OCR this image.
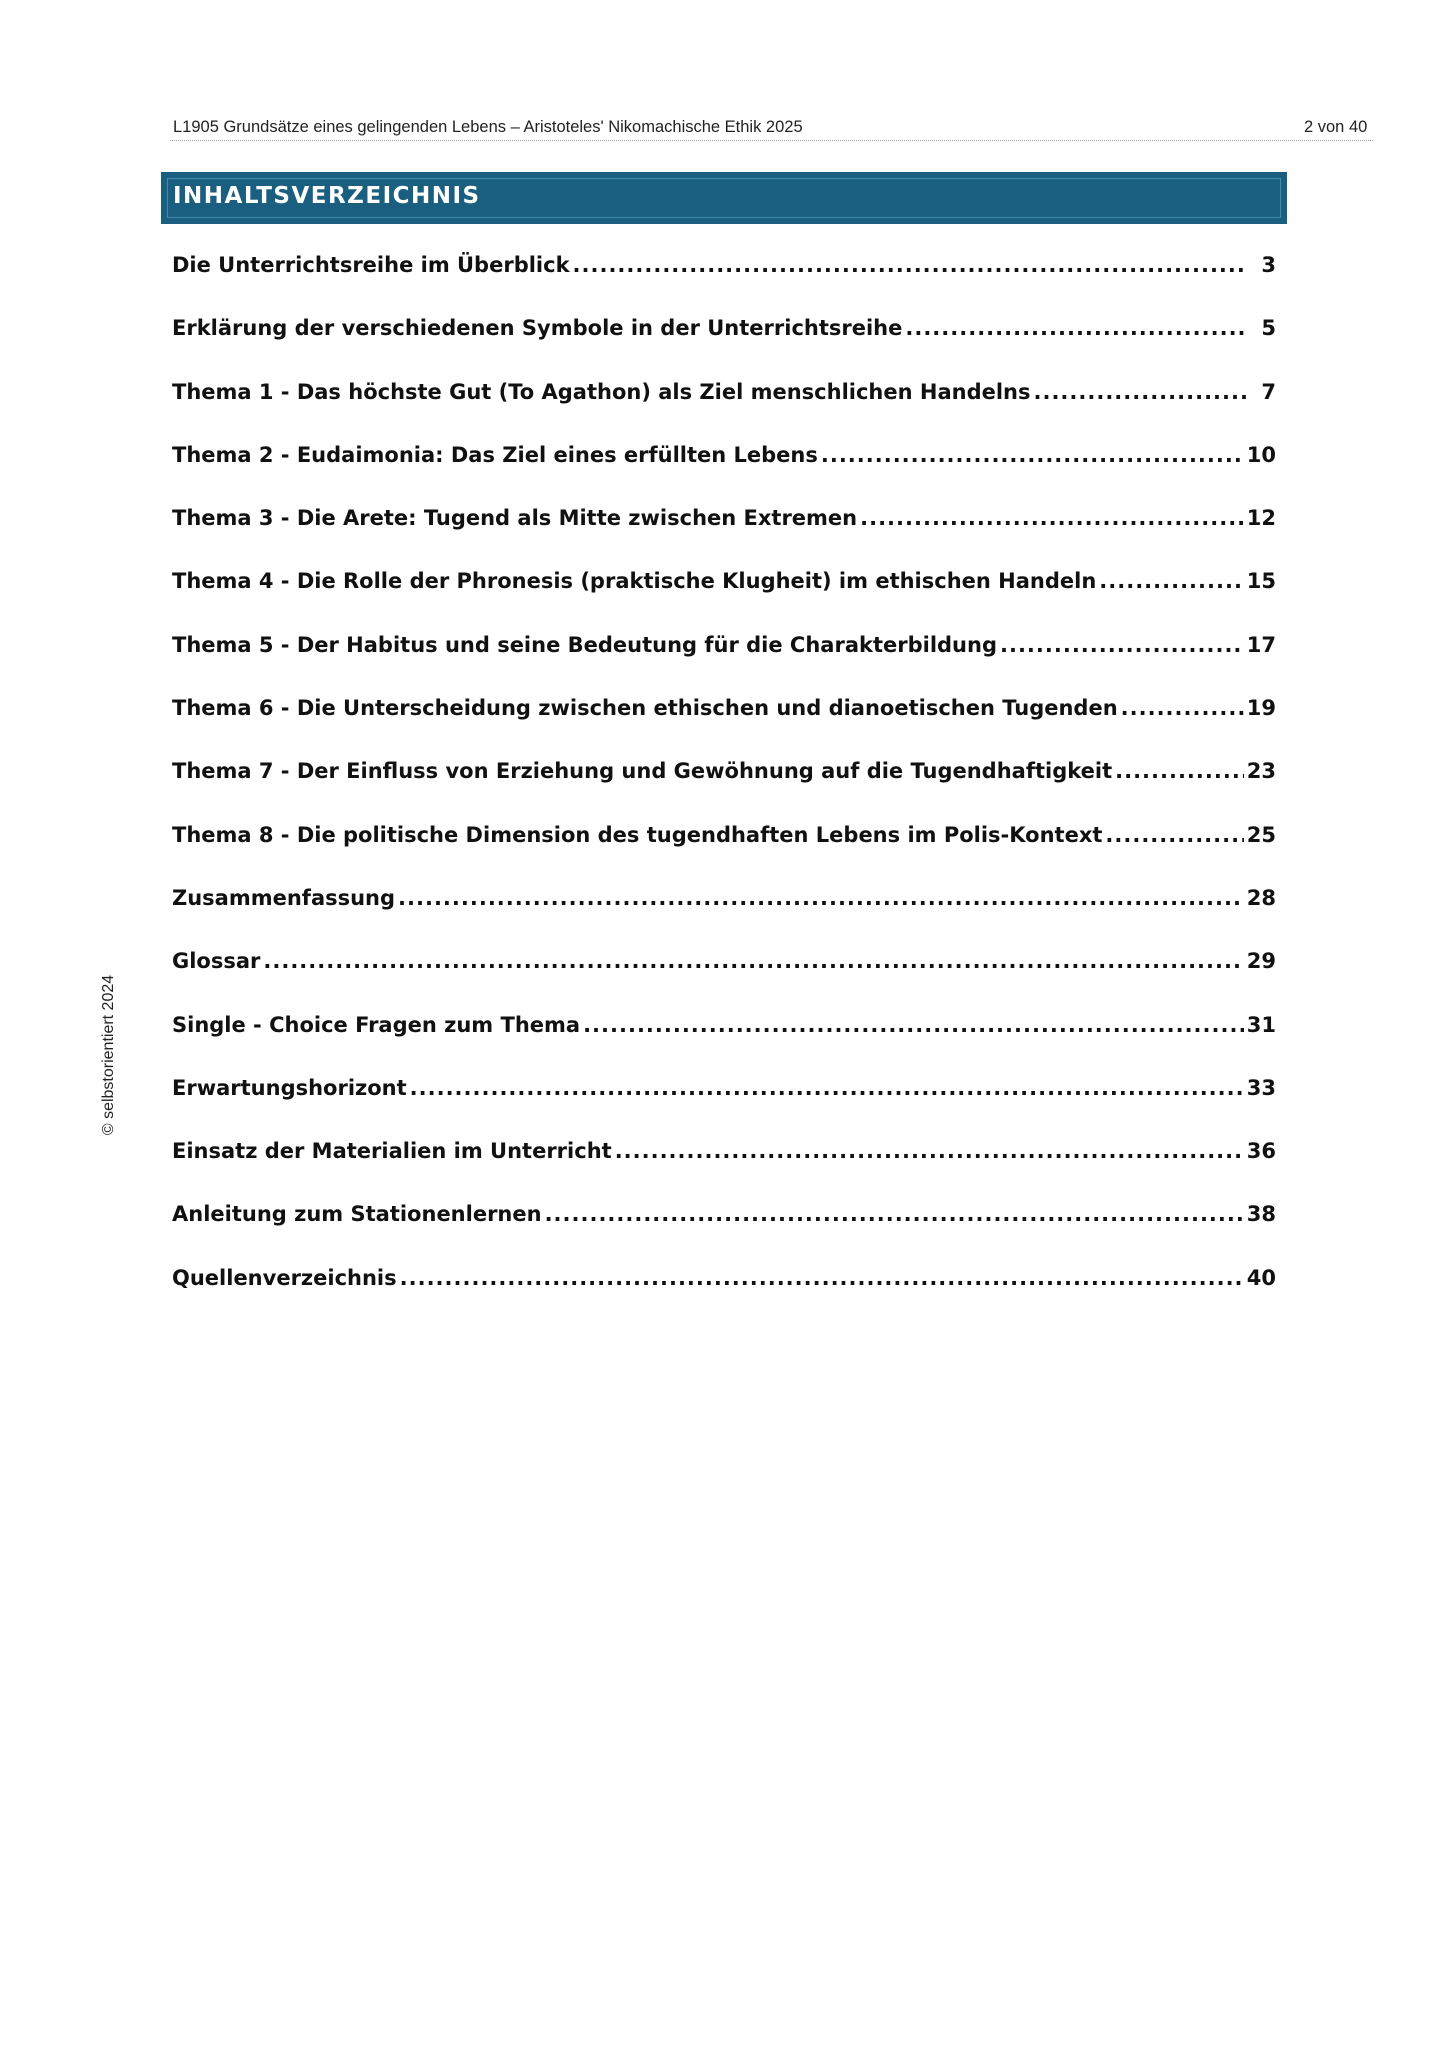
L1905 Grundsätze eines gelingenden Lebens – Aristoteles' Nikomachische Ethik 2025	2 von 40
INHALTSVERZEICHNIS
Die Unterrichtsreihe im Überblick .....	3
Erklärung der verschiedenen Symbole in der Unterrichtsreihe .....	5
Thema 1 - Das höchste Gut (To Agathon) als Ziel menschlichen Handelns .....	7
Thema 2 - Eudaimonia: Das Ziel eines erfüllten Lebens .....	10
Thema 3 - Die Arete: Tugend als Mitte zwischen Extremen .....	12
Thema 4 - Die Rolle der Phronesis (praktische Klugheit) im ethischen Handeln .....	15
Thema 5 - Der Habitus und seine Bedeutung für die Charakterbildung .....	17
Thema 6 - Die Unterscheidung zwischen ethischen und dianoetischen Tugenden .....	19
Thema 7 - Der Einfluss von Erziehung und Gewöhnung auf die Tugendhaftigkeit .....	23
Thema 8 - Die politische Dimension des tugendhaften Lebens im Polis-Kontext .....	25
Zusammenfassung .....	28
Glossar .....	29
Single - Choice Fragen zum Thema .....	31
Erwartungshorizont .....	33
Einsatz der Materialien im Unterricht .....	36
Anleitung zum Stationenlernen .....	38
Quellenverzeichnis .....	40
© selbstorientiert 2024
